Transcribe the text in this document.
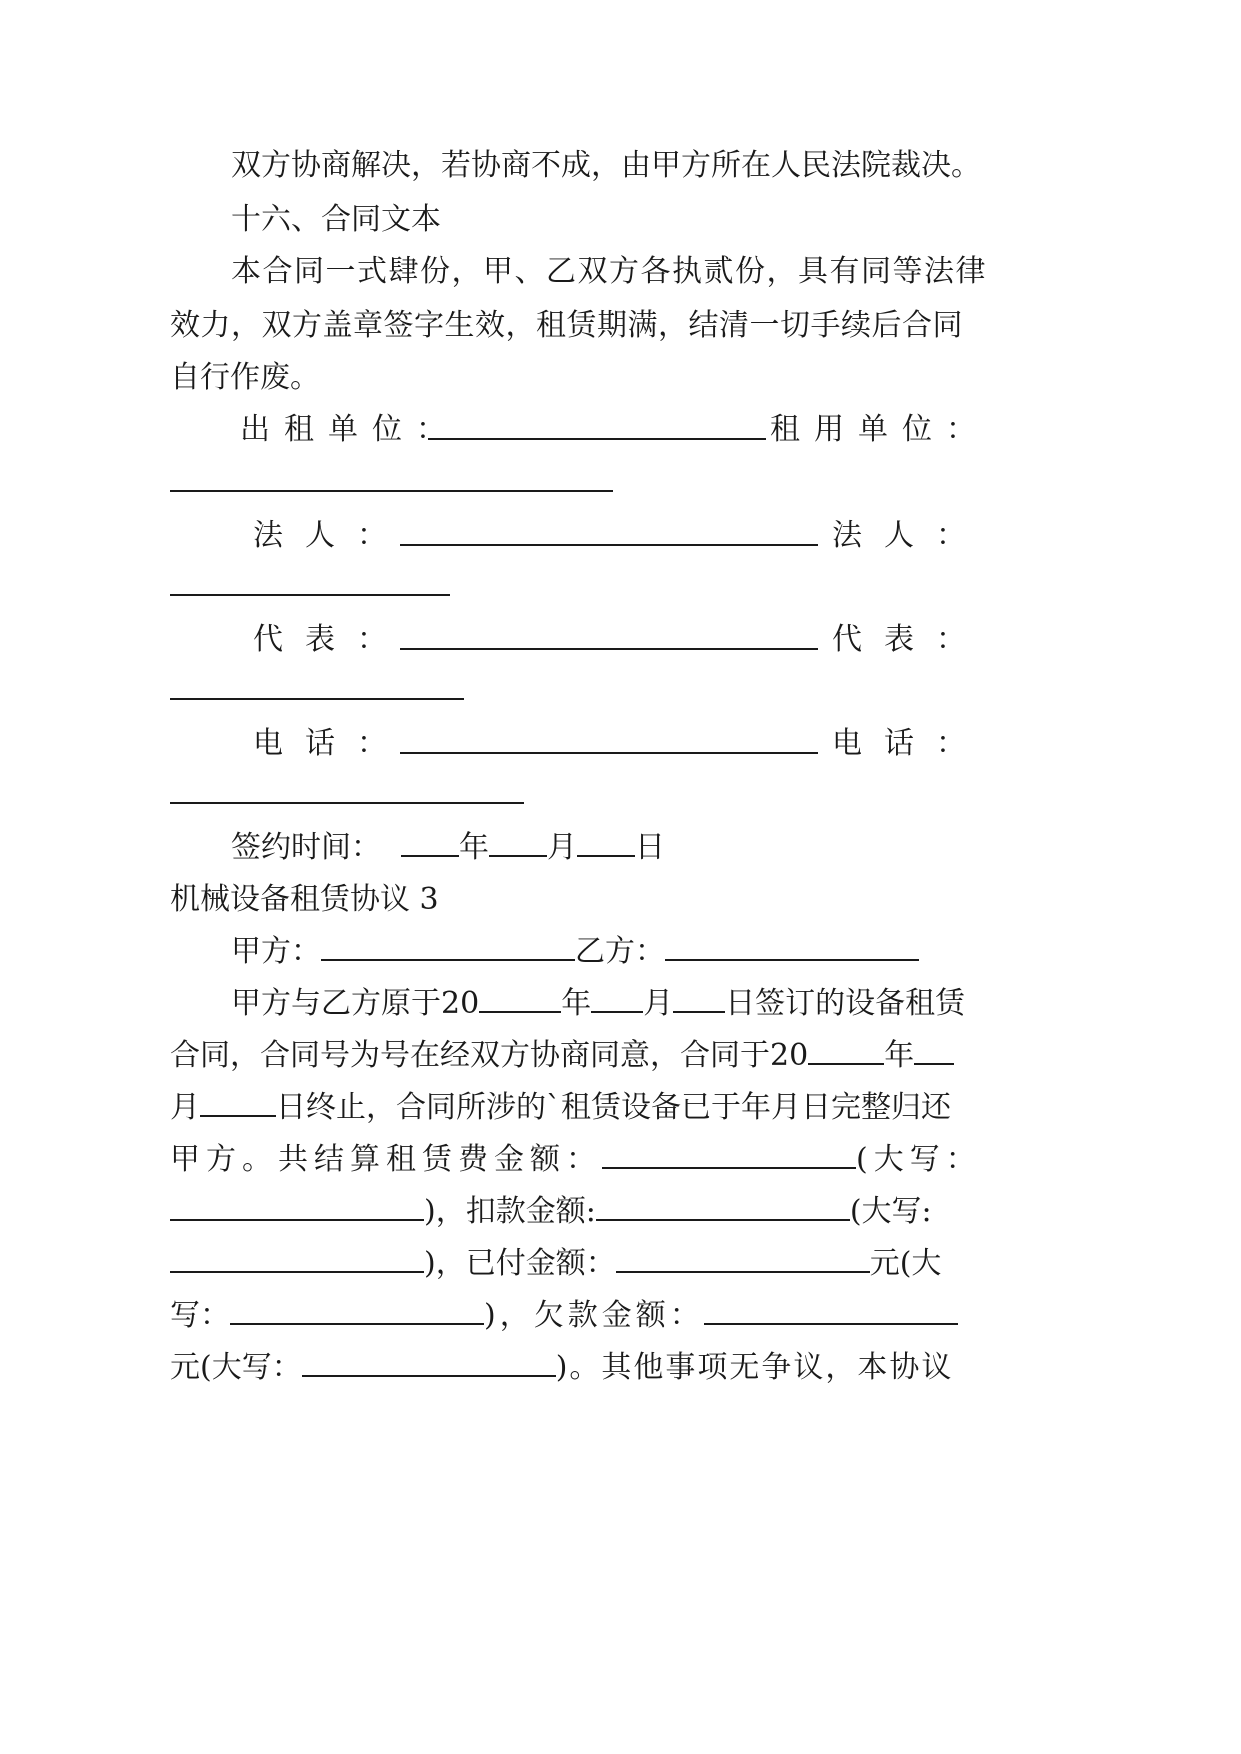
双方协商解决，若协商不成，由甲方所在人民法院裁决。
十六、合同文本
本合同一式肆份，甲、乙双方各执贰份，具有同等法律
效力，双方盖章签字生效，租赁期满，结清一切手续后合同
自行作废。
出租单位：	租用单位：
法人：	法人：
代表：	代表：
电话：	电话：
签约时间：	年 月 日
机械设备租赁协议 3
甲方：	乙方：
甲方与乙方原于20	年 月 日签订的设备租赁
合同，合同号为号在经双方协商同意，合同于20	年
月	日终止，合同所涉的`租赁设备已于年月日完整归还
甲方。共结算租赁费金额：	(大写：
)，扣款金额:	(大写:
)，已付金额：	元(大
写：	)，欠款金额：
元(大写：	)。其他事项无争议，本协议
